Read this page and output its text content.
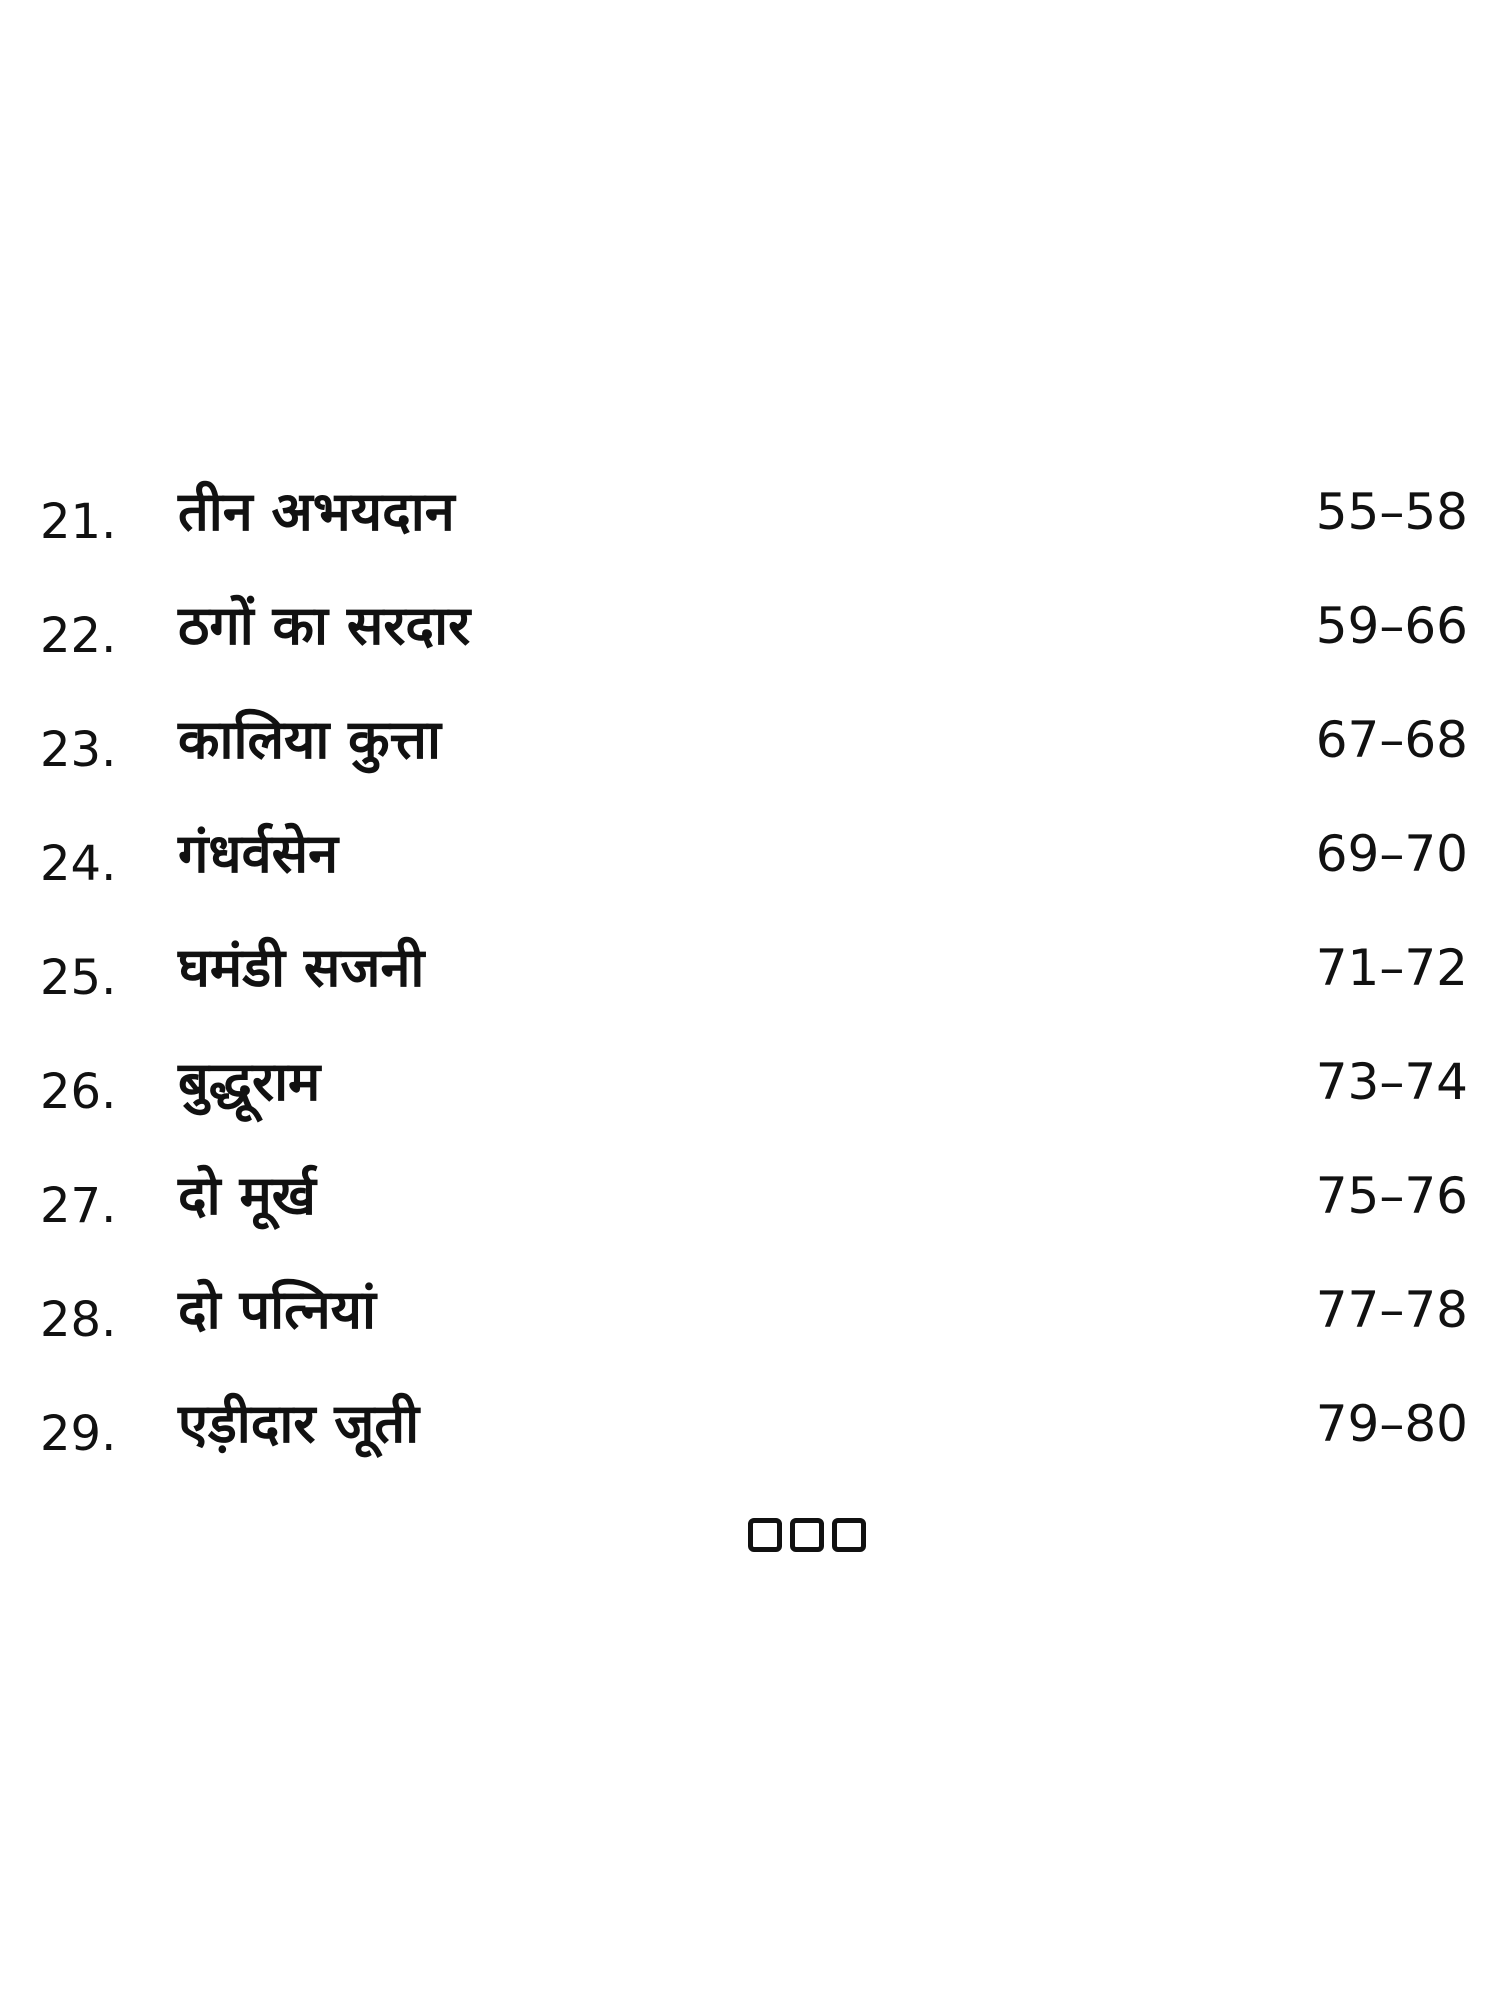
21.	तीन अभयदान	55–58
22.	ठगों का सरदार	59–66
23.	कालिया कुत्ता	67–68
24.	गंधर्वसेन	69–70
25.	घमंडी सजनी	71–72
26.	बुद्धूराम	73–74
27.	दो मूर्ख	75–76
28.	दो पत्नियां	77–78
29.	एड़ीदार जूती	79–80
